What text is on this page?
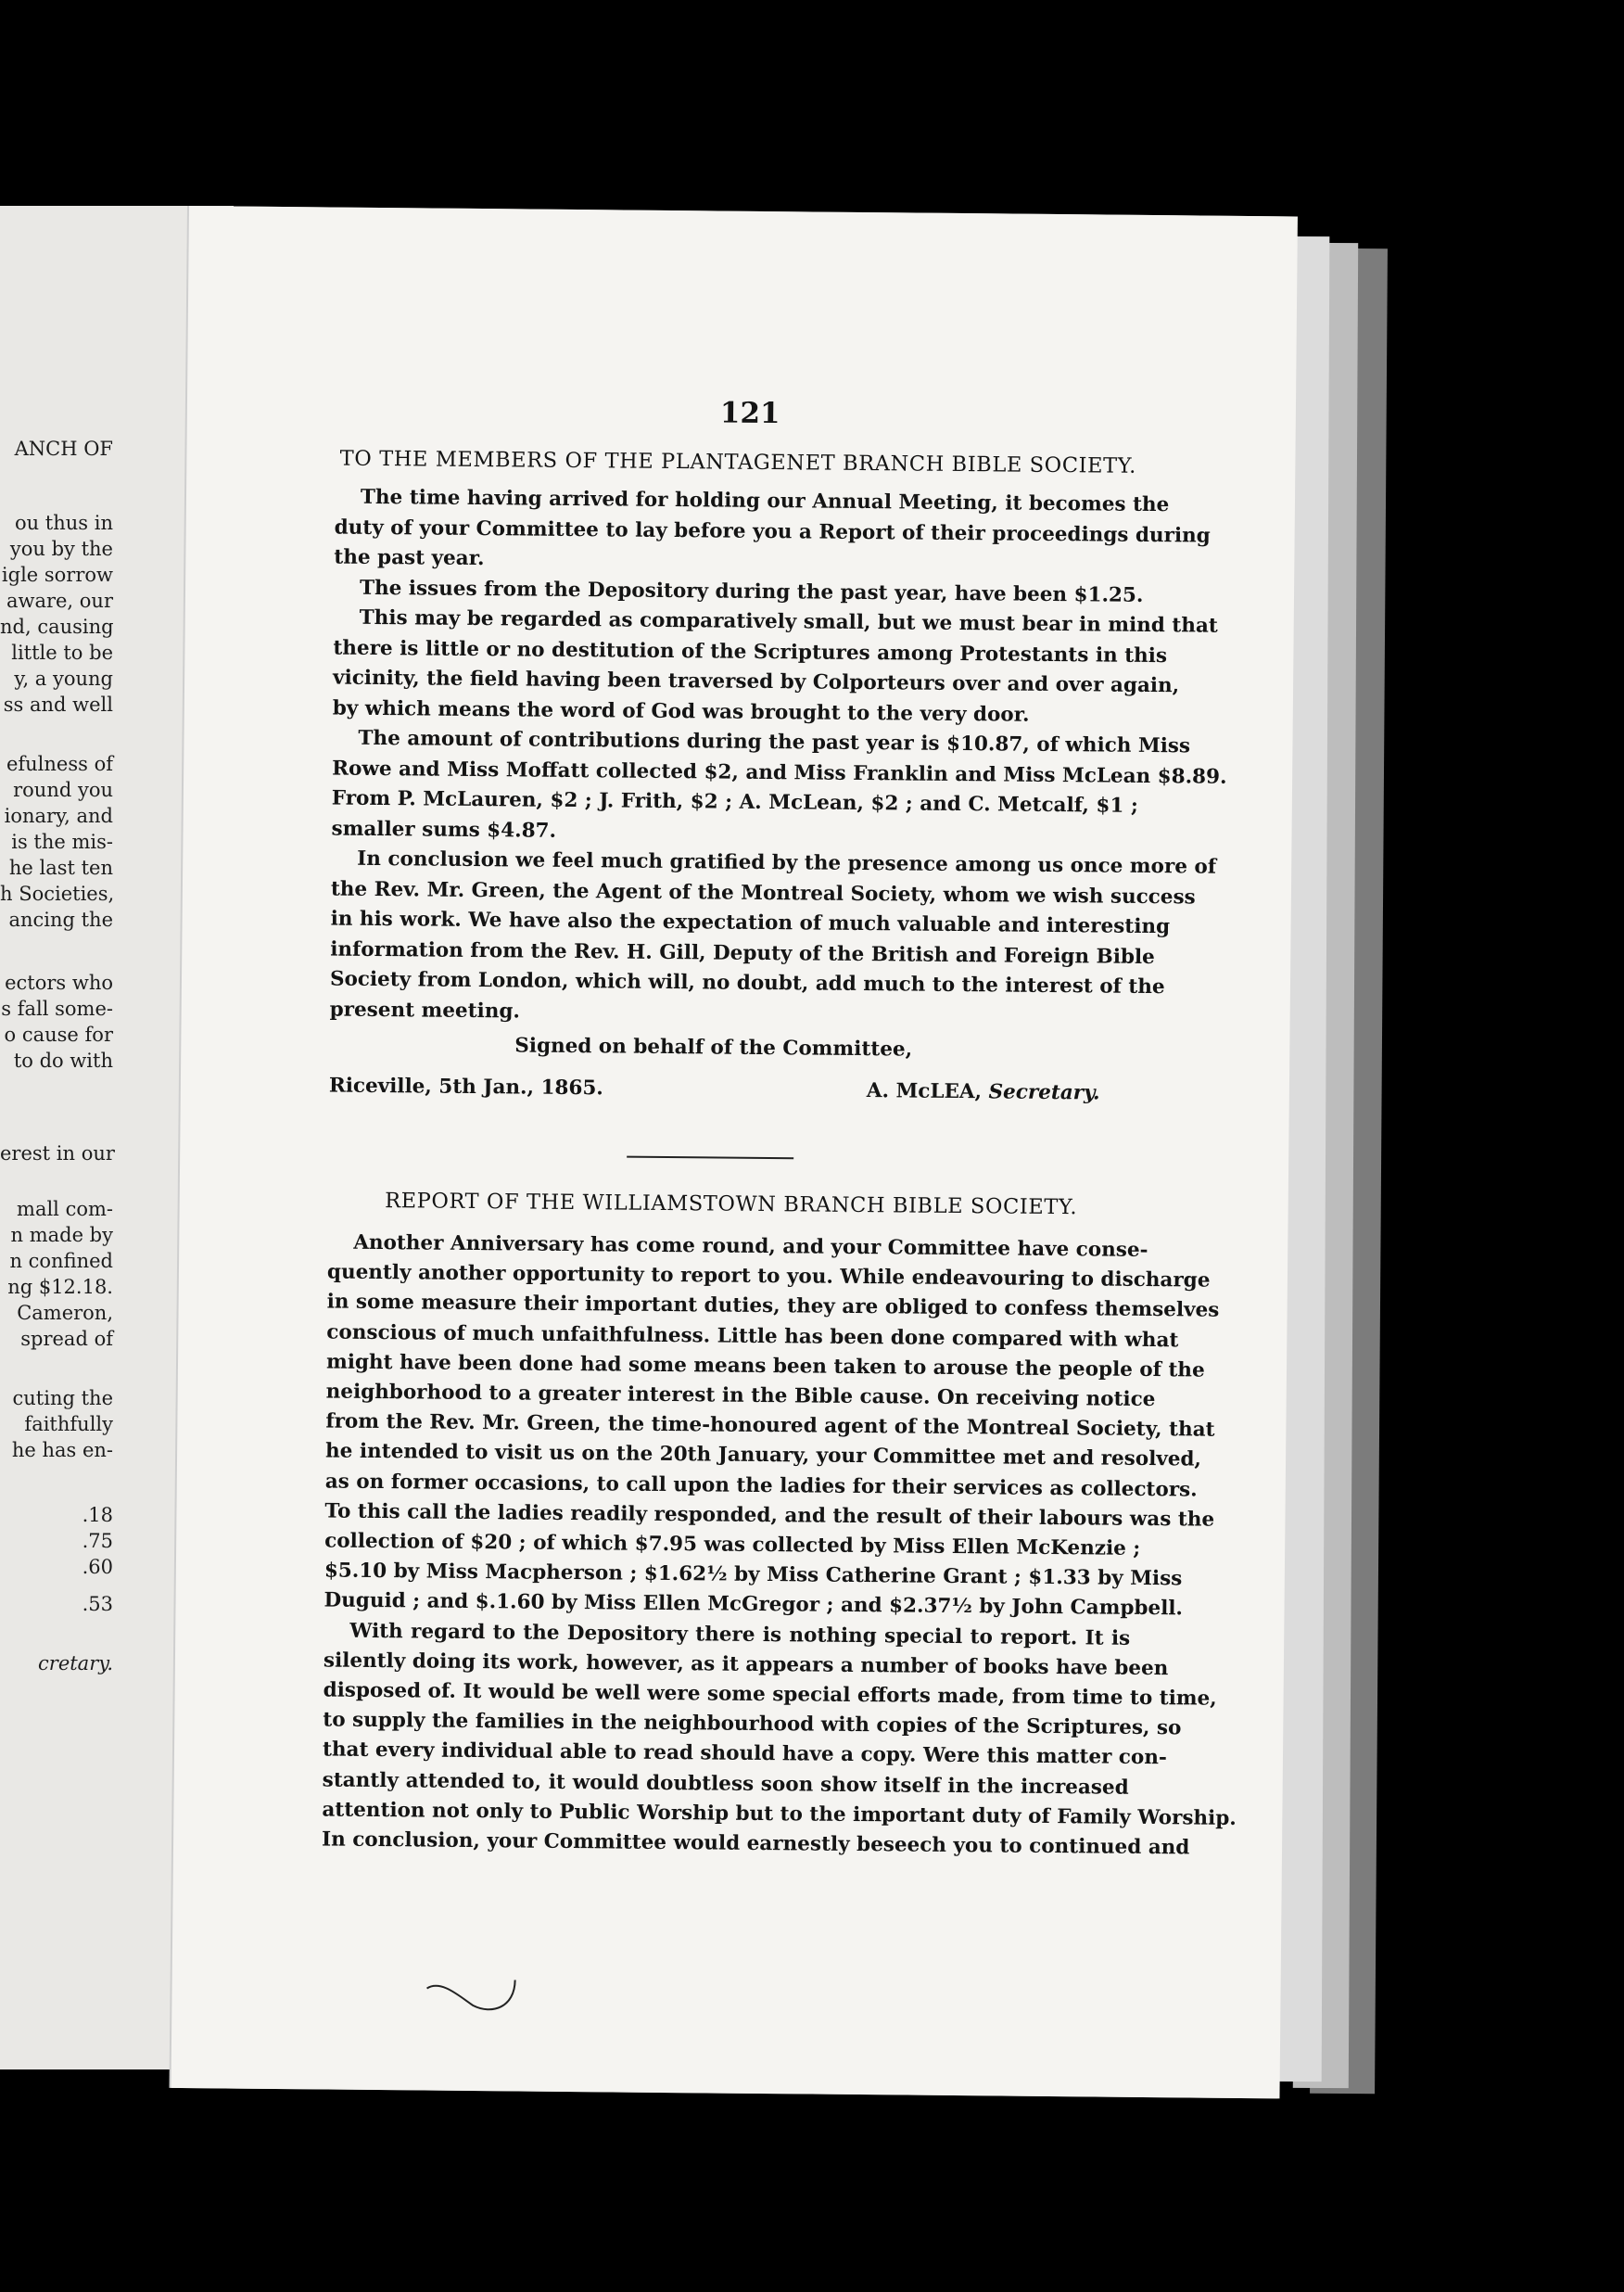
ANCH OF
ou thus in
you by the
igle sorrow
aware, our
nd, causing
little to be
y, a young
ss and well
efulness of
round you
ionary, and
is the mis-
he last ten
h Societies,
ancing the
ectors who
s fall some-
o cause for
to do with
erest in our
mall com-
n made by
n confined
ng $12.18.
Cameron,
spread of
cuting the
faithfully
he has en-
.18
.75
.60
.53
cretary.
121
TO THE MEMBERS OF THE PLANTAGENET BRANCH BIBLE SOCIETY.
The time having arrived for holding our Annual Meeting, it becomes the
duty of your Committee to lay before you a Report of their proceedings during
the past year.
The issues from the Depository during the past year, have been $1.25.
This may be regarded as comparatively small, but we must bear in mind that
there is little or no destitution of the Scriptures among Protestants in this
vicinity, the field having been traversed by Colporteurs over and over again,
by which means the word of God was brought to the very door.
The amount of contributions during the past year is $10.87, of which Miss
Rowe and Miss Moffatt collected $2, and Miss Franklin and Miss McLean $8.89.
From P. McLauren, $2 ; J. Frith, $2 ; A. McLean, $2 ; and C. Metcalf, $1 ;
smaller sums $4.87.
In conclusion we feel much gratified by the presence among us once more of
the Rev. Mr. Green, the Agent of the Montreal Society, whom we wish success
in his work. We have also the expectation of much valuable and interesting
information from the Rev. H. Gill, Deputy of the British and Foreign Bible
Society from London, which will, no doubt, add much to the interest of the
present meeting.
Signed on behalf of the Committee,
Riceville, 5th Jan., 1865.	A. McLEA, Secretary.
REPORT OF THE WILLIAMSTOWN BRANCH BIBLE SOCIETY.
Another Anniversary has come round, and your Committee have conse-
quently another opportunity to report to you. While endeavouring to discharge
in some measure their important duties, they are obliged to confess themselves
conscious of much unfaithfulness. Little has been done compared with what
might have been done had some means been taken to arouse the people of the
neighborhood to a greater interest in the Bible cause. On receiving notice
from the Rev. Mr. Green, the time-honoured agent of the Montreal Society, that
he intended to visit us on the 20th January, your Committee met and resolved,
as on former occasions, to call upon the ladies for their services as collectors.
To this call the ladies readily responded, and the result of their labours was the
collection of $20 ; of which $7.95 was collected by Miss Ellen McKenzie ;
$5.10 by Miss Macpherson ; $1.62½ by Miss Catherine Grant ; $1.33 by Miss
Duguid ; and $.1.60 by Miss Ellen McGregor ; and $2.37½ by John Campbell.
With regard to the Depository there is nothing special to report. It is
silently doing its work, however, as it appears a number of books have been
disposed of. It would be well were some special efforts made, from time to time,
to supply the families in the neighbourhood with copies of the Scriptures, so
that every individual able to read should have a copy. Were this matter con-
stantly attended to, it would doubtless soon show itself in the increased
attention not only to Public Worship but to the important duty of Family Worship.
In conclusion, your Committee would earnestly beseech you to continued and
